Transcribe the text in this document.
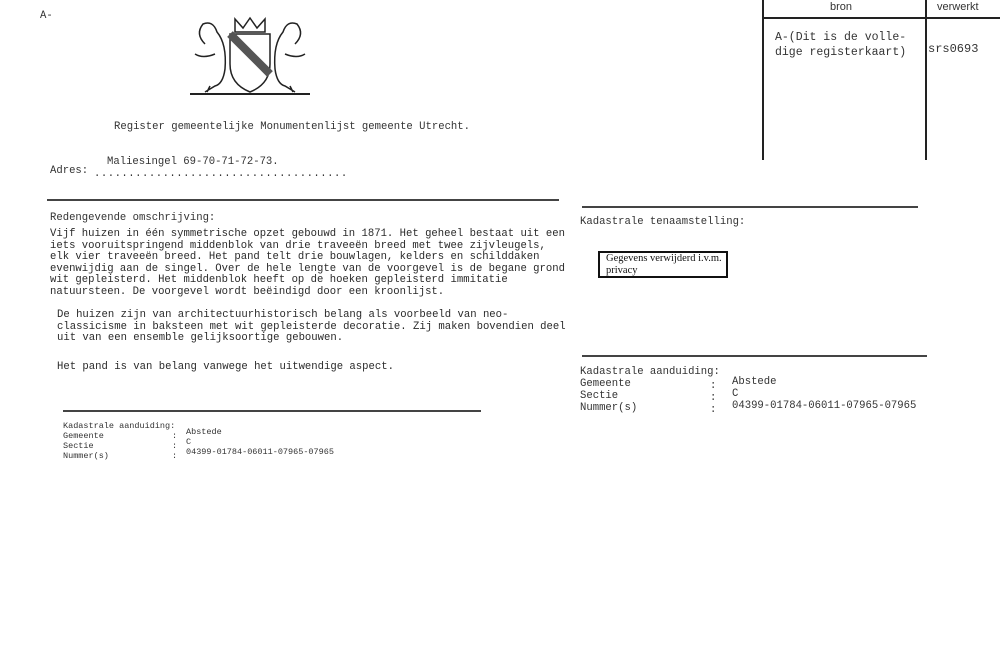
A-
Register gemeentelijke Monumentenlijst gemeente Utrecht.
Adres:
Maliesingel 69-70-71-72-73.
.....................................
bron	verwerkt
A-(Dit is de volle-
dige registerkaart) srs0693
Redengevende omschrijving:
Vijf huizen in één symmetrische opzet gebouwd in 1871. Het geheel bestaat uit een
iets vooruitspringend middenblok van drie traveeën breed met twee zijvleugels,
elk vier traveeën breed. Het pand telt drie bouwlagen, kelders en schilddaken
evenwijdig aan de singel. Over de hele lengte van de voorgevel is de begane grond
wit gepleisterd. Het middenblok heeft op de hoeken gepleisterd immitatie
natuursteen. De voorgevel wordt beëindigd door een kroonlijst.
De huizen zijn van architectuurhistorisch belang als voorbeeld van neo-
classicisme in baksteen met wit gepleisterde decoratie. Zij maken bovendien deel
uit van een ensemble gelijksoortige gebouwen.
Het pand is van belang vanwege het uitwendige aspect.
Kadastrale aanduiding:
Gemeente
Sectie
Nummer(s)
:
:
:
Abstede
C
04399-01784-06011-07965-07965
Kadastrale tenaamstelling:
Gegevens verwijderd i.v.m.
privacy
Kadastrale aanduiding:
Gemeente
Sectie
Nummer(s)
:
:
:
Abstede
C
04399-01784-06011-07965-07965
